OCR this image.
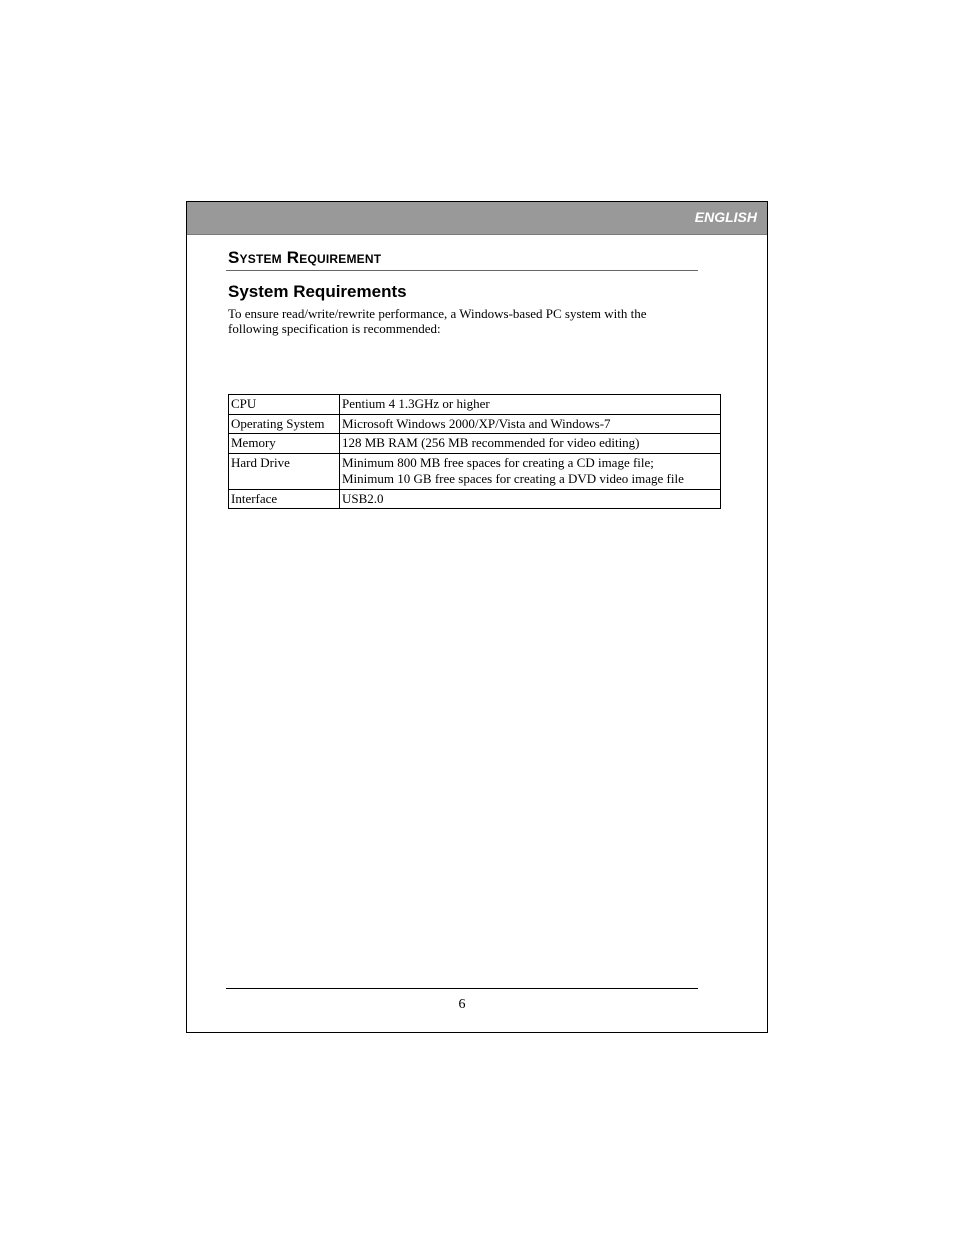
ENGLISH
System Requirement
System Requirements

To ensure read/write/rewrite performance, a Windows-based PC system with the following specification is recommended:

CPU	Pentium 4 1.3GHz or higher

Operating System	Microsoft Windows 2000/XP/Vista and Windows-7

Memory	128 MB RAM (256 MB recommended for video editing)

Hard Drive	Minimum 800 MB free spaces for creating a CD image file;
Minimum 10 GB free spaces for creating a DVD video image file

Interface	USB2.0
6
